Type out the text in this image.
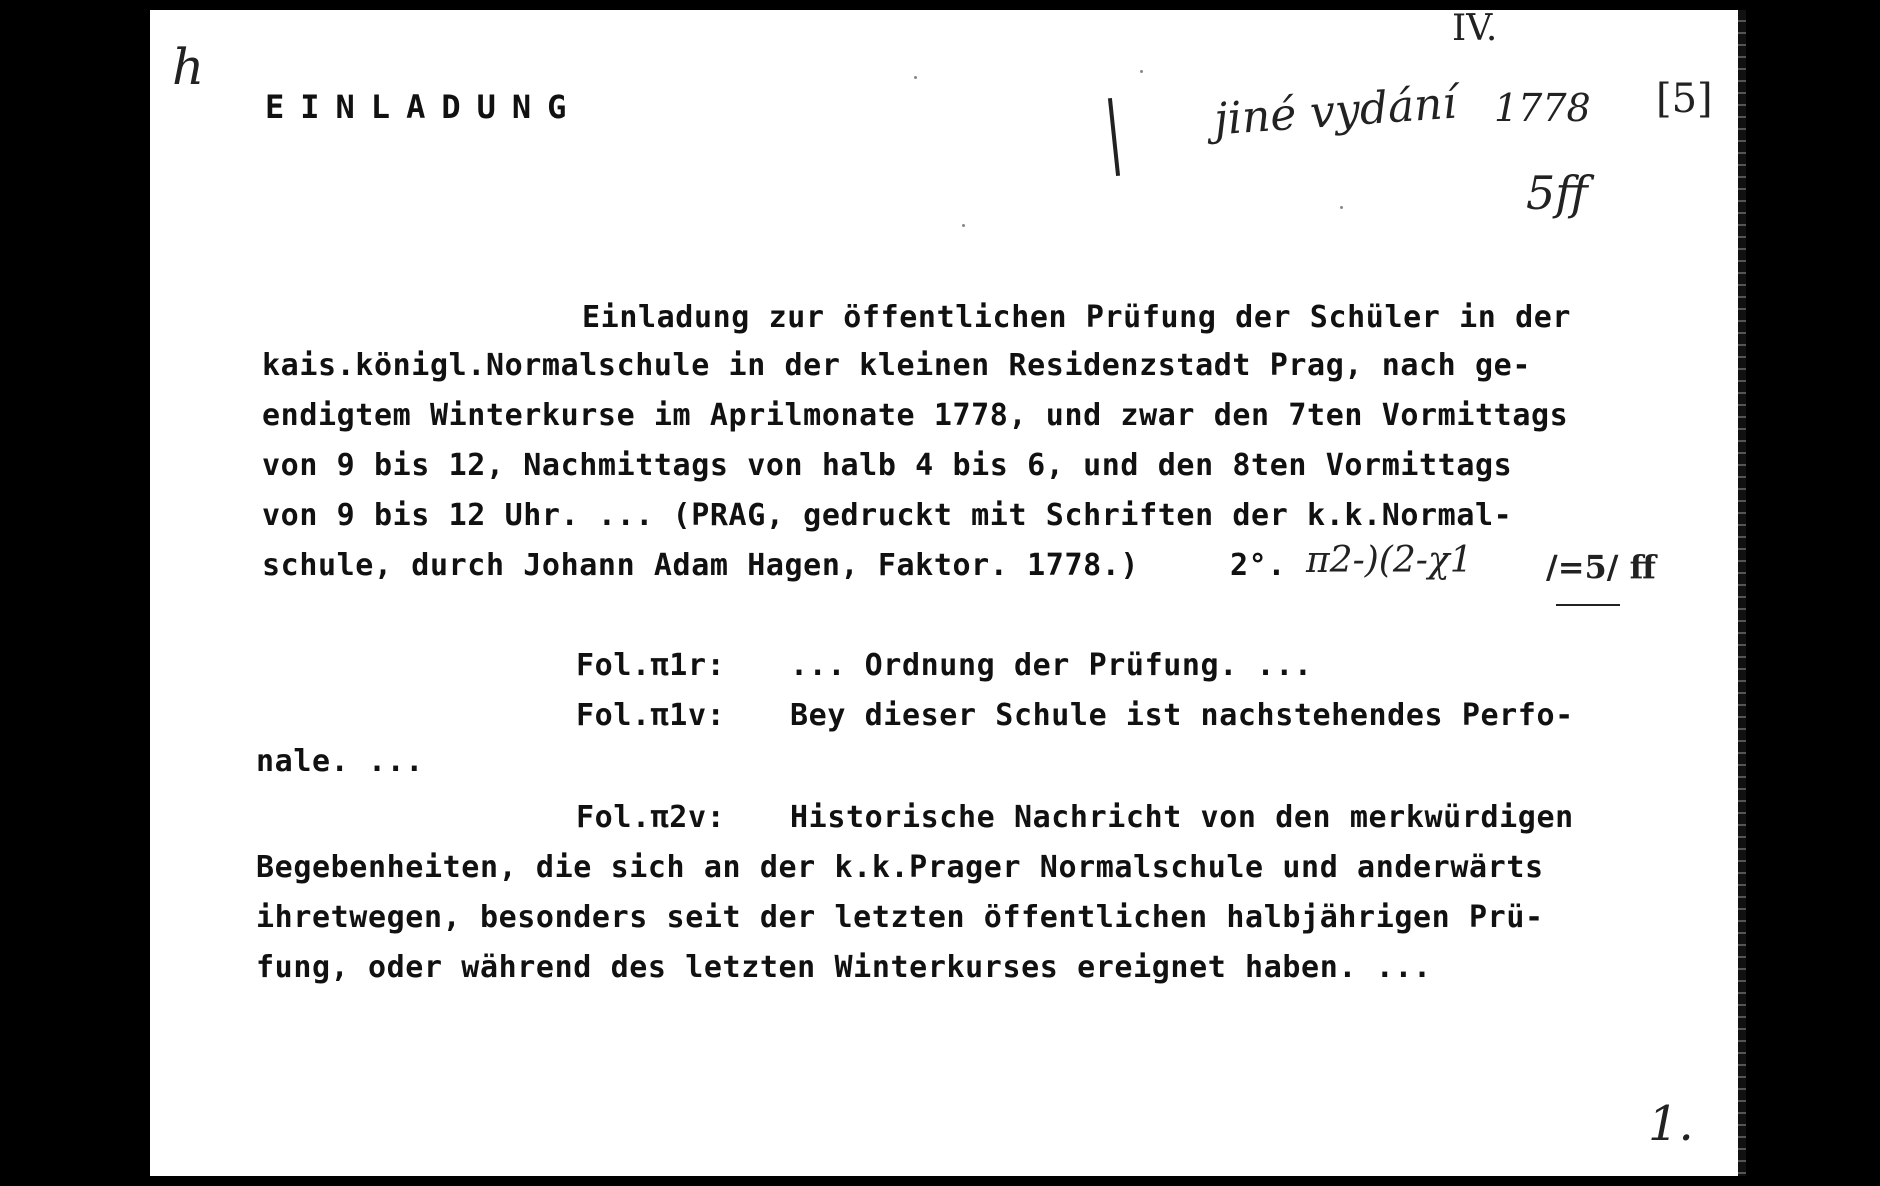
h
IV.
jiné vydání 1778 [5]
5ff
1.
EINLADUNG
Einladung zur öffentlichen Prüfung der Schüler in der
kais.königl.Normalschule in der kleinen Residenzstadt Prag, nach ge-
endigtem Winterkurse im Aprilmonate 1778, und zwar den 7ten Vormittags
von 9 bis 12, Nachmittags von halb 4 bis 6, und den 8ten Vormittags
von 9 bis 12 Uhr. ... (PRAG, gedruckt mit Schriften der k.k.Normal-
schule, durch Johann Adam Hagen, Faktor. 1778.)	2°. π2-)(2-χ1 /=5/ ff
Fol.π1r: ... Ordnung der Prüfung. ...
Fol.π1v: Bey dieser Schule ist nachstehendes Perfo-
nale. ...
Fol.π2v: Historische Nachricht von den merkwürdigen
Begebenheiten, die sich an der k.k.Prager Normalschule und anderwärts
ihretwegen, besonders seit der letzten öffentlichen halbjährigen Prü-
fung, oder während des letzten Winterkurses ereignet haben. ...
